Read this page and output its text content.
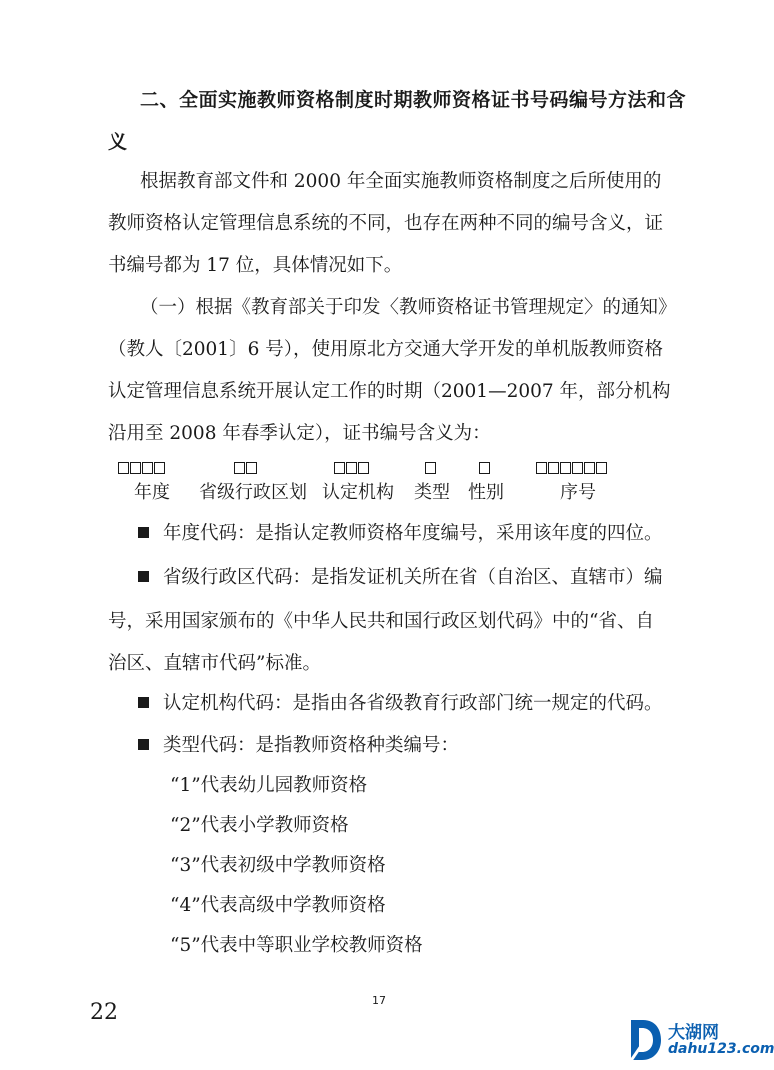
二、全面实施教师资格制度时期教师资格证书号码编号方法和含
义
根据教育部文件和 2000 年全面实施教师资格制度之后所使用的
教师资格认定管理信息系统的不同，也存在两种不同的编号含义，证
书编号都为 17 位，具体情况如下。
（一）根据《教育部关于印发〈教师资格证书管理规定〉的通知》
（教人〔2001〕6 号），使用原北方交通大学开发的单机版教师资格
认定管理信息系统开展认定工作的时期（2001—2007 年，部分机构
沿用至 2008 年春季认定），证书编号含义为：
年度 省级行政区划 认定机构 类型 性别	序号
年度代码：是指认定教师资格年度编号，采用该年度的四位。
省级行政区代码：是指发证机关所在省（自治区、直辖市）编
号，采用国家颁布的《中华人民共和国行政区划代码》中的“省、自
治区、直辖市代码”标准。
认定机构代码：是指由各省级教育行政部门统一规定的代码。
类型代码：是指教师资格种类编号：
“1”代表幼儿园教师资格
“2”代表小学教师资格
“3”代表初级中学教师资格
“4”代表高级中学教师资格
“5”代表中等职业学校教师资格
17
22
大湖网
dahu123.com
